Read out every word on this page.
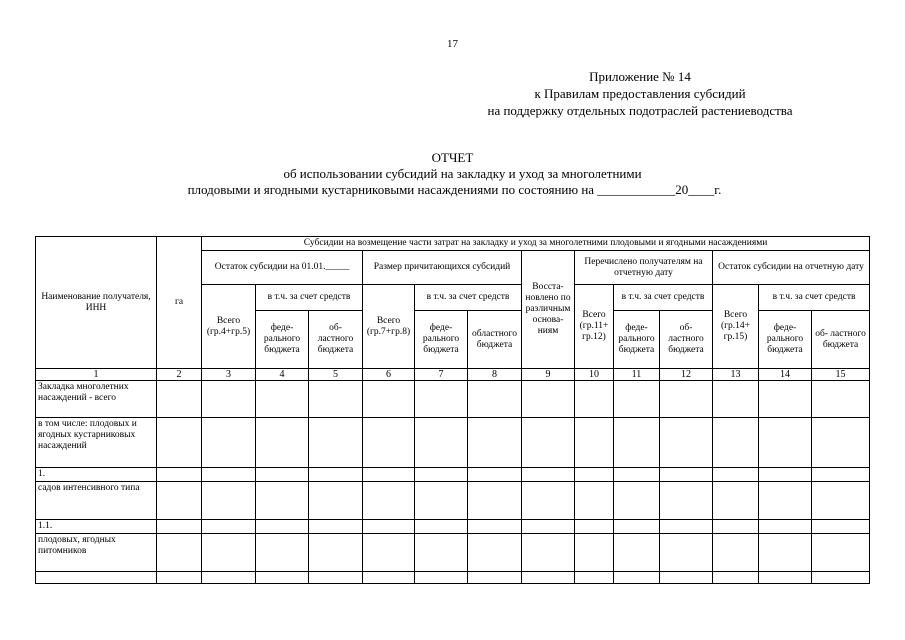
17
Приложение № 14
к Правилам предоставления субсидий
на поддержку отдельных подотраслей растениеводства
ОТЧЕТ
об использовании субсидий на закладку и уход за многолетними
плодовыми и ягодными кустарниковыми насаждениями по состоянию на ____________20____г.
Наименование получателя, ИНН	га	Субсидии на возмещение части затрат на закладку и уход за многолетними плодовыми и ягодными насаждениями												
		Остаток субсидии на 01.01._____			Размер причитающихся субсидий			Восста- новлено по различным основа- ниям	Перечислено получателям на отчетную дату			Остаток субсидии на отчетную дату		
		Всего (гр.4+гр.5)	в т.ч. за счет средств		Всего (гр.7+гр.8)	в т.ч. за счет средств			Всего (гр.11+ гр.12)	в т.ч. за счет средств		Всего (гр.14+ гр.15)	в т.ч. за счет средств	
			феде- рального бюджета	об- ластного бюджета		феде- рального бюджета	областного бюджета			феде- рального бюджета	об- ластного бюджета		феде- рального бюджета	об- ластного бюджета
1	2	3	4	5	6	7	8	9	10	11	12	13	14	15
Закладка многолетних насаждений - всего														
в том числе: плодовых и ягодных кустарниковых насаждений														
1.														
садов интенсивного типа														
1.1.														
плодовых, ягодных питомников														
